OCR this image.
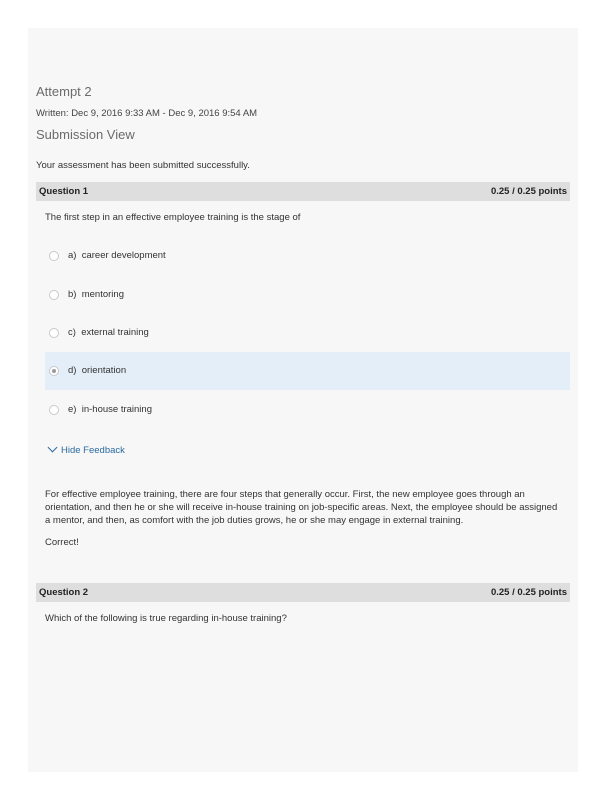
Attempt 2
Written: Dec 9, 2016 9:33 AM - Dec 9, 2016 9:54 AM
Submission View
Your assessment has been submitted successfully.
Question 1	0.25 / 0.25 points
The first step in an effective employee training is the stage of
a) career development
b) mentoring
c) external training
d) orientation
e) in-house training
Hide Feedback
For effective employee training, there are four steps that generally occur. First, the new employee goes through an orientation, and then he or she will receive in-house training on job-specific areas. Next, the employee should be assigned a mentor, and then, as comfort with the job duties grows, he or she may engage in external training.
Correct!
Question 2	0.25 / 0.25 points
Which of the following is true regarding in-house training?
